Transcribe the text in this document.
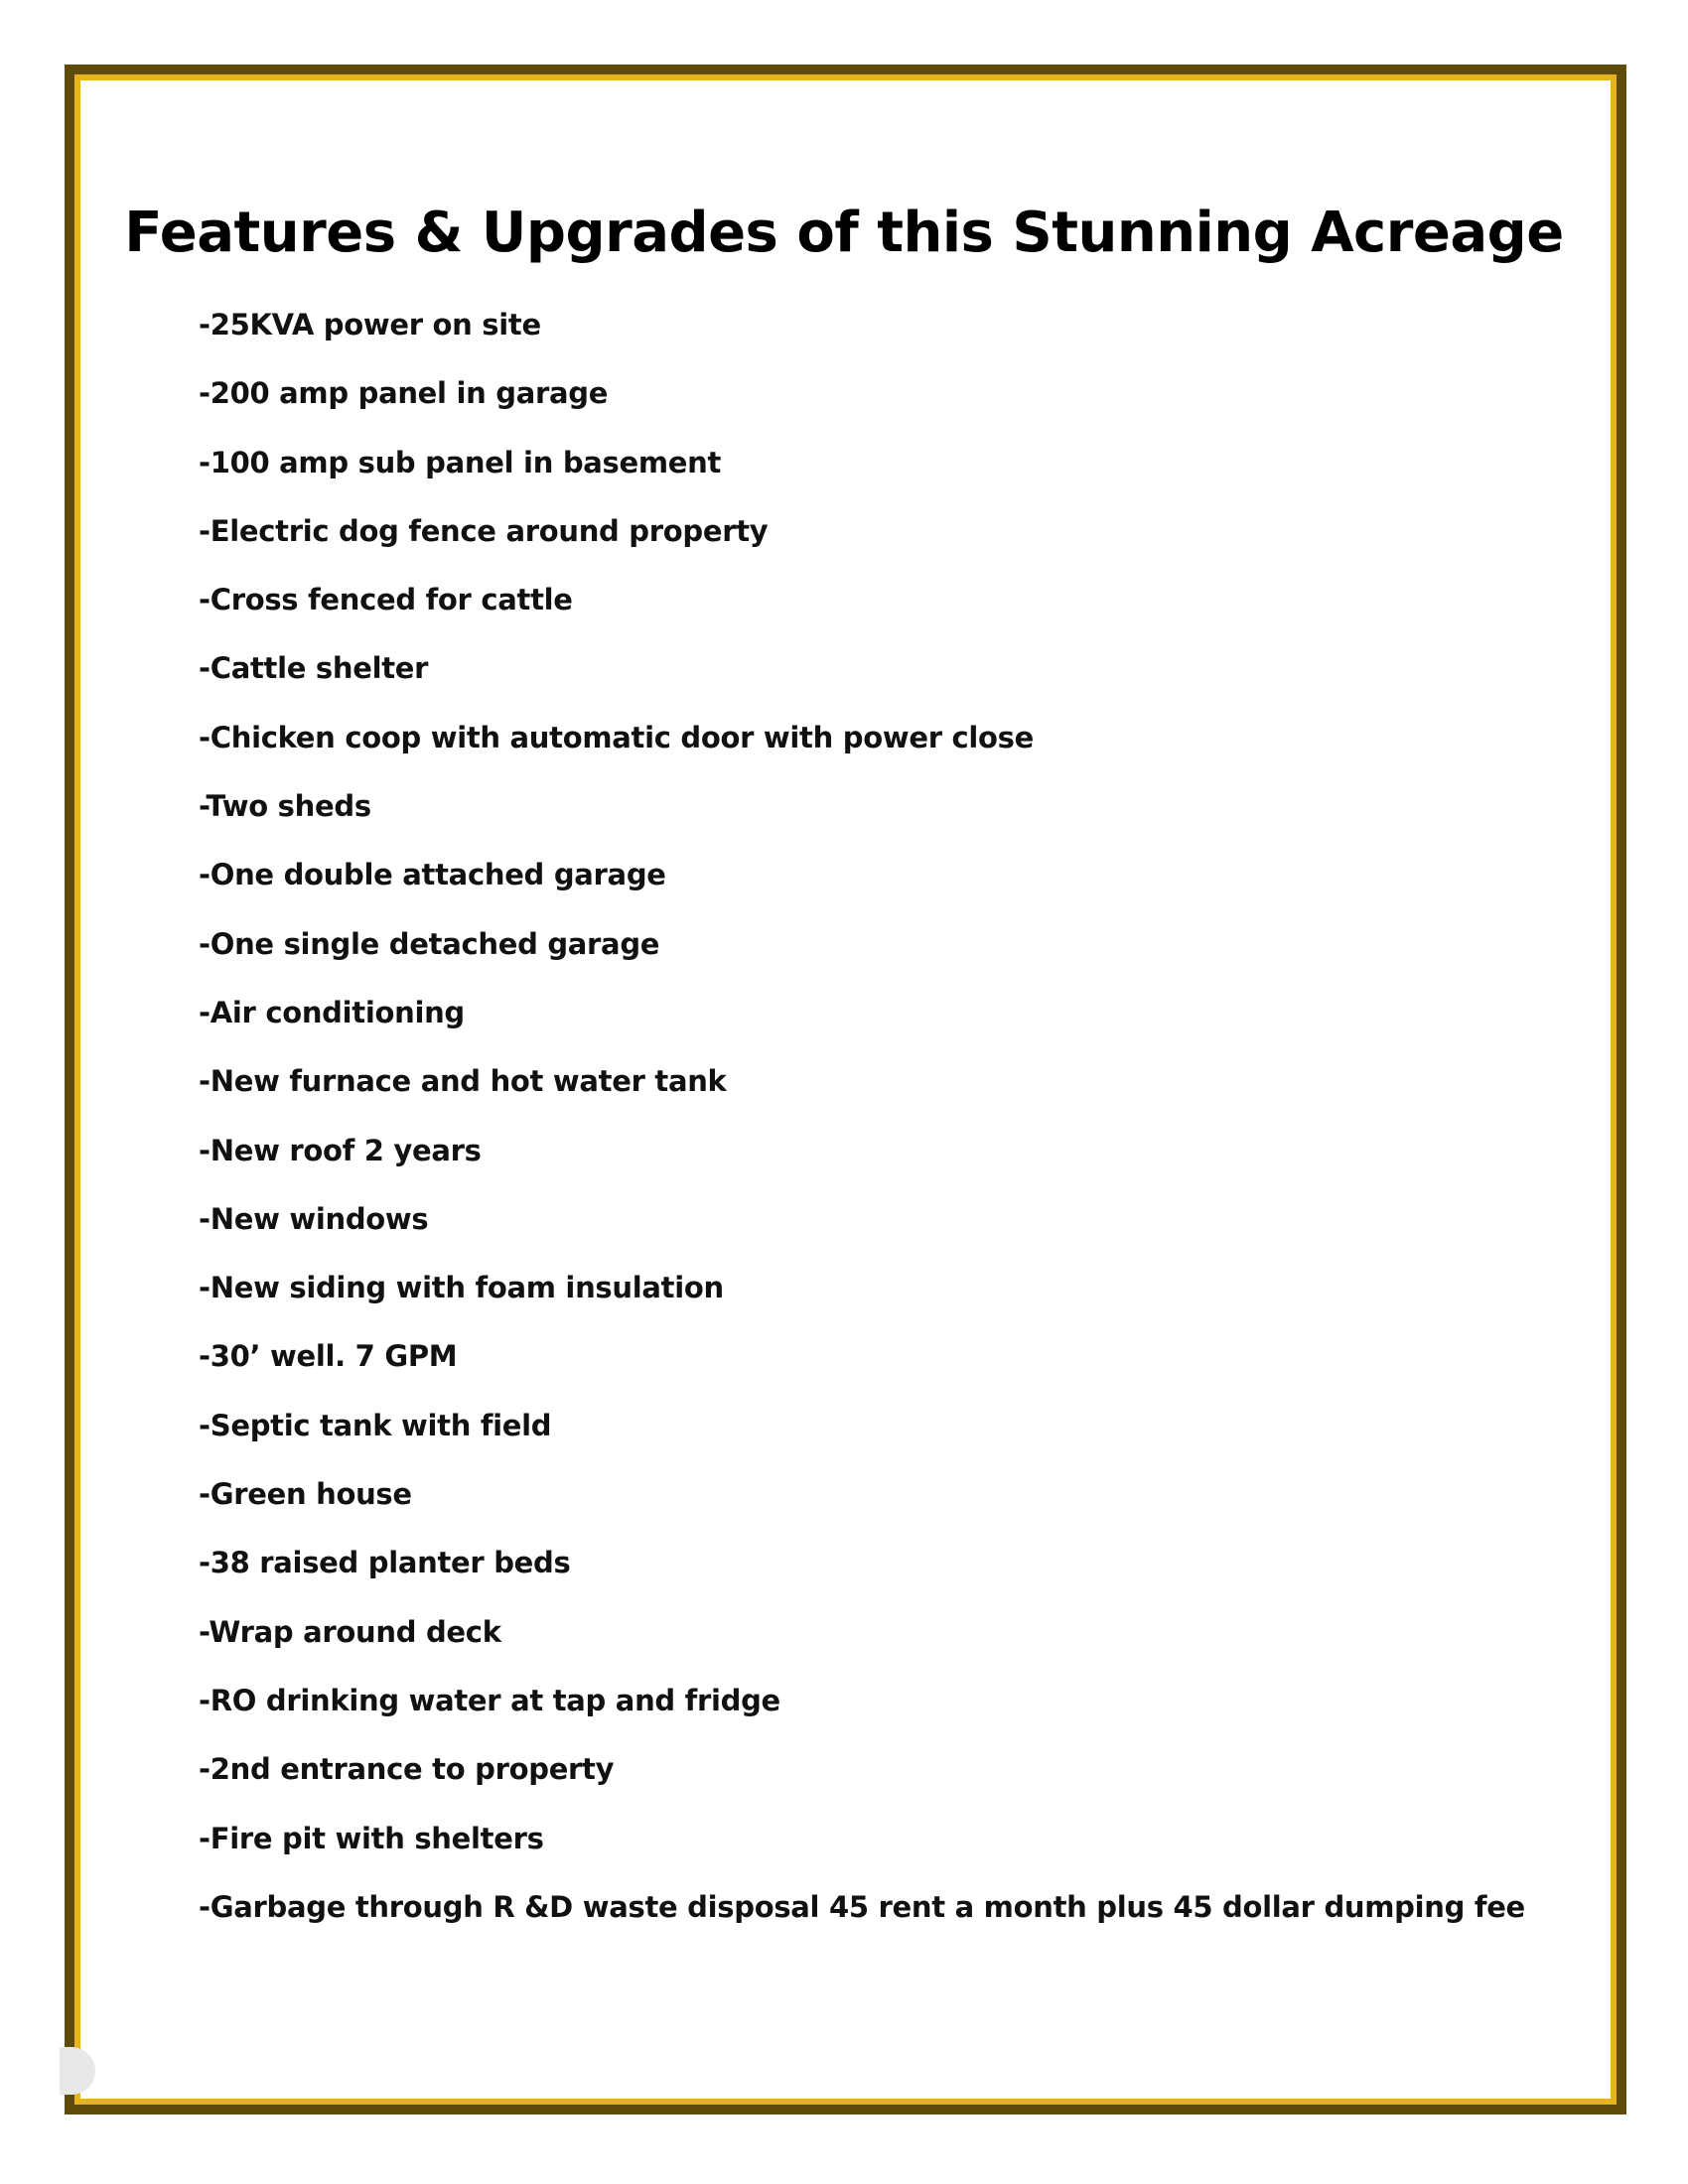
Features & Upgrades of this Stunning Acreage
-25KVA power on site
-200 amp panel in garage
-100 amp sub panel in basement
-Electric dog fence around property
-Cross fenced for cattle
-Cattle shelter
-Chicken coop with automatic door with power close
-Two sheds
-One double attached garage
-One single detached garage
-Air conditioning
-New furnace and hot water tank
-New roof 2 years
-New windows
-New siding with foam insulation
-30’ well. 7 GPM
-Septic tank with field
-Green house
-38 raised planter beds
-Wrap around deck
-RO drinking water at tap and fridge
-2nd entrance to property
-Fire pit with shelters
-Garbage through R &D waste disposal 45 rent a month plus 45 dollar dumping fee
